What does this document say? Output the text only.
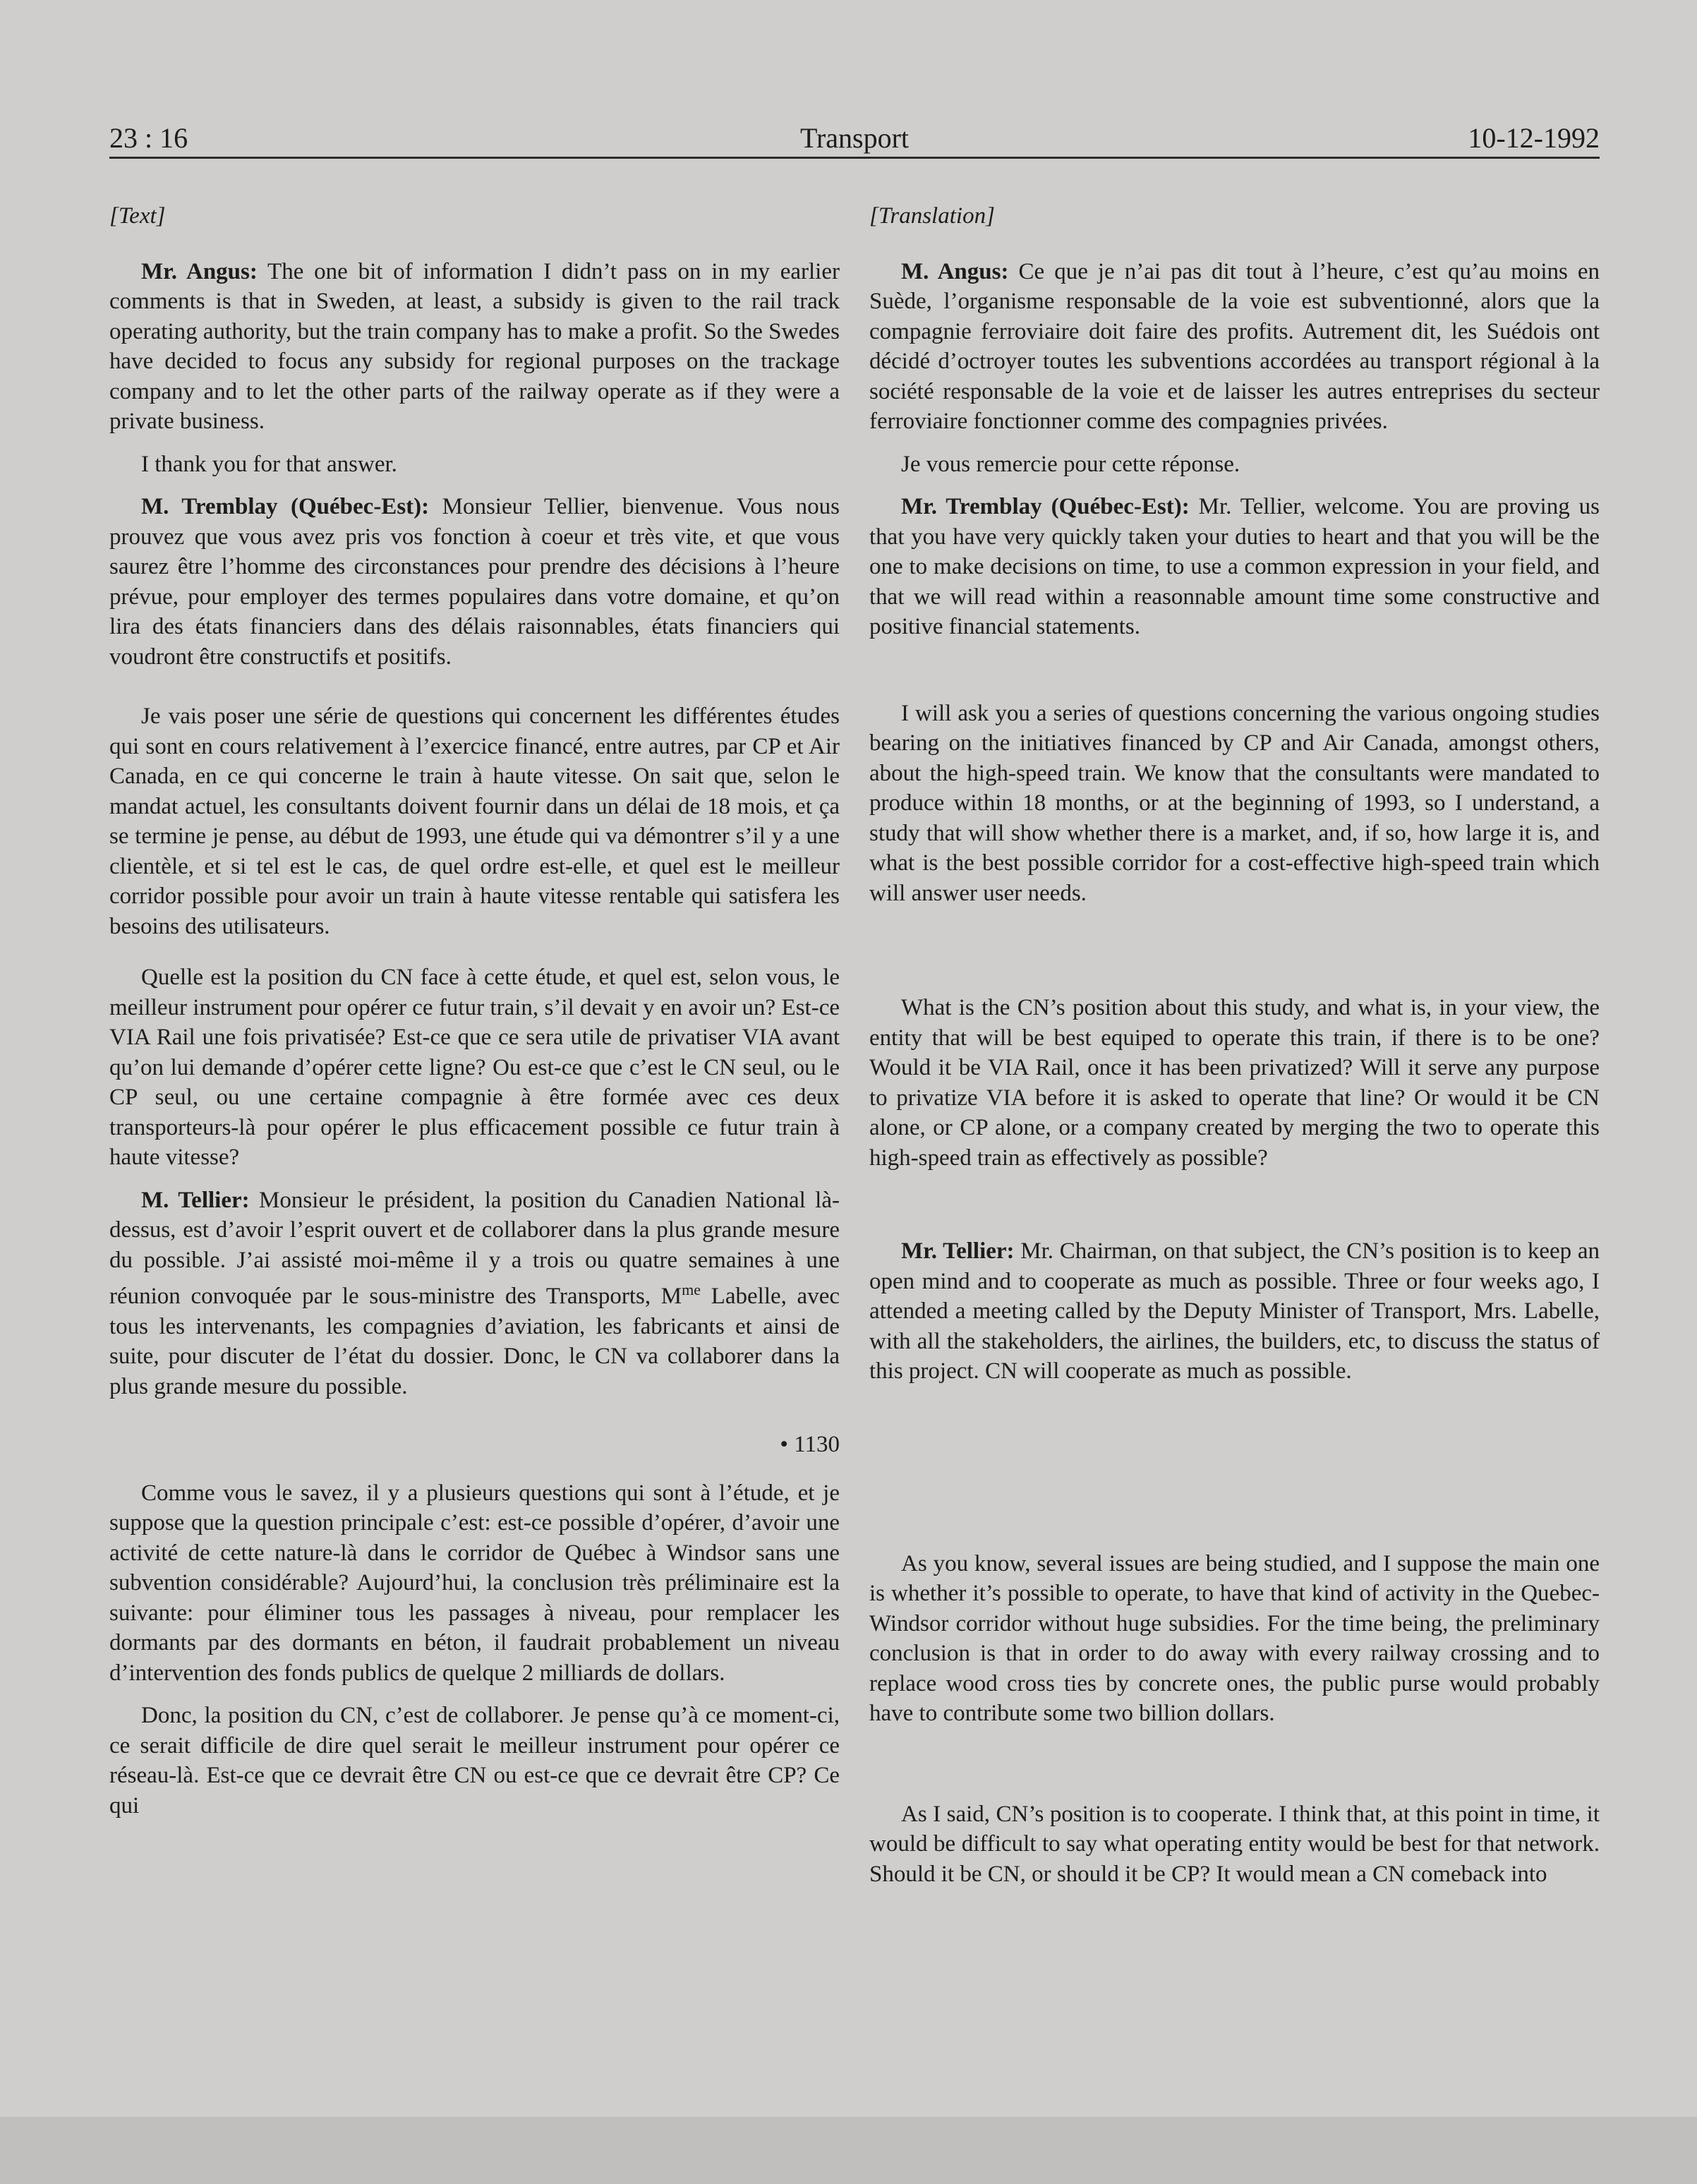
23 : 16	Transport	10-12-1992

[Text]

Mr. Angus: The one bit of information I didn’t pass on in my earlier comments is that in Sweden, at least, a subsidy is given to the rail track operating authority, but the train company has to make a profit. So the Swedes have decided to focus any subsidy for regional purposes on the trackage company and to let the other parts of the railway operate as if they were a private business.

I thank you for that answer.

M. Tremblay (Québec-Est): Monsieur Tellier, bienvenue. Vous nous prouvez que vous avez pris vos fonction à coeur et très vite, et que vous saurez être l’homme des circonstances pour prendre des décisions à l’heure prévue, pour employer des termes populaires dans votre domaine, et qu’on lira des états financiers dans des délais raisonnables, états financiers qui voudront être constructifs et positifs.

Je vais poser une série de questions qui concernent les différentes études qui sont en cours relativement à l’exercice financé, entre autres, par CP et Air Canada, en ce qui concerne le train à haute vitesse. On sait que, selon le mandat actuel, les consultants doivent fournir dans un délai de 18 mois, et ça se termine je pense, au début de 1993, une étude qui va démontrer s’il y a une clientèle, et si tel est le cas, de quel ordre est-elle, et quel est le meilleur corridor possible pour avoir un train à haute vitesse rentable qui satisfera les besoins des utilisateurs.

Quelle est la position du CN face à cette étude, et quel est, selon vous, le meilleur instrument pour opérer ce futur train, s’il devait y en avoir un? Est-ce VIA Rail une fois privatisée? Est-ce que ce sera utile de privatiser VIA avant qu’on lui demande d’opérer cette ligne? Ou est-ce que c’est le CN seul, ou le CP seul, ou une certaine compagnie à être formée avec ces deux transporteurs-là pour opérer le plus efficacement possible ce futur train à haute vitesse?

M. Tellier: Monsieur le président, la position du Canadien National là-dessus, est d’avoir l’esprit ouvert et de collaborer dans la plus grande mesure du possible. J’ai assisté moi-même il y a trois ou quatre semaines à une réunion convoquée par le sous-ministre des Transports, $M^{me}$ Labelle, avec tous les intervenants, les compagnies d’aviation, les fabricants et ainsi de suite, pour discuter de l’état du dossier. Donc, le CN va collaborer dans la plus grande mesure du possible.

• 1130

Comme vous le savez, il y a plusieurs questions qui sont à l’étude, et je suppose que la question principale c’est: est-ce possible d’opérer, d’avoir une activité de cette nature-là dans le corridor de Québec à Windsor sans une subvention considérable? Aujourd’hui, la conclusion très préliminaire est la suivante: pour éliminer tous les passages à niveau, pour remplacer les dormants par des dormants en béton, il faudrait probablement un niveau d’intervention des fonds publics de quelque 2 milliards de dollars.

Donc, la position du CN, c’est de collaborer. Je pense qu’à ce moment-ci, ce serait difficile de dire quel serait le meilleur instrument pour opérer ce réseau-là. Est-ce que ce devrait être CN ou est-ce que ce devrait être CP? Ce qui

[Translation]

M. Angus: Ce que je n’ai pas dit tout à l’heure, c’est qu’au moins en Suède, l’organisme responsable de la voie est subventionné, alors que la compagnie ferroviaire doit faire des profits. Autrement dit, les Suédois ont décidé d’octroyer toutes les subventions accordées au transport régional à la société responsable de la voie et de laisser les autres entreprises du secteur ferroviaire fonctionner comme des compagnies privées.

Je vous remercie pour cette réponse.

Mr. Tremblay (Québec-Est): Mr. Tellier, welcome. You are proving us that you have very quickly taken your duties to heart and that you will be the one to make decisions on time, to use a common expression in your field, and that we will read within a reasonnable amount time some constructive and positive financial statements.

I will ask you a series of questions concerning the various ongoing studies bearing on the initiatives financed by CP and Air Canada, amongst others, about the high-speed train. We know that the consultants were mandated to produce within 18 months, or at the beginning of 1993, so I understand, a study that will show whether there is a market, and, if so, how large it is, and what is the best possible corridor for a cost-effective high-speed train which will answer user needs.

What is the CN’s position about this study, and what is, in your view, the entity that will be best equiped to operate this train, if there is to be one? Would it be VIA Rail, once it has been privatized? Will it serve any purpose to privatize VIA before it is asked to operate that line? Or would it be CN alone, or CP alone, or a company created by merging the two to operate this high-speed train as effectively as possible?

Mr. Tellier: Mr. Chairman, on that subject, the CN’s position is to keep an open mind and to cooperate as much as possible. Three or four weeks ago, I attended a meeting called by the Deputy Minister of Transport, Mrs. Labelle, with all the stakeholders, the airlines, the builders, etc, to discuss the status of this project. CN will cooperate as much as possible.

As you know, several issues are being studied, and I suppose the main one is whether it’s possible to operate, to have that kind of activity in the Quebec-Windsor corridor without huge subsidies. For the time being, the preliminary conclusion is that in order to do away with every railway crossing and to replace wood cross ties by concrete ones, the public purse would probably have to contribute some two billion dollars.

As I said, CN’s position is to cooperate. I think that, at this point in time, it would be difficult to say what operating entity would be best for that network. Should it be CN, or should it be CP? It would mean a CN comeback into
